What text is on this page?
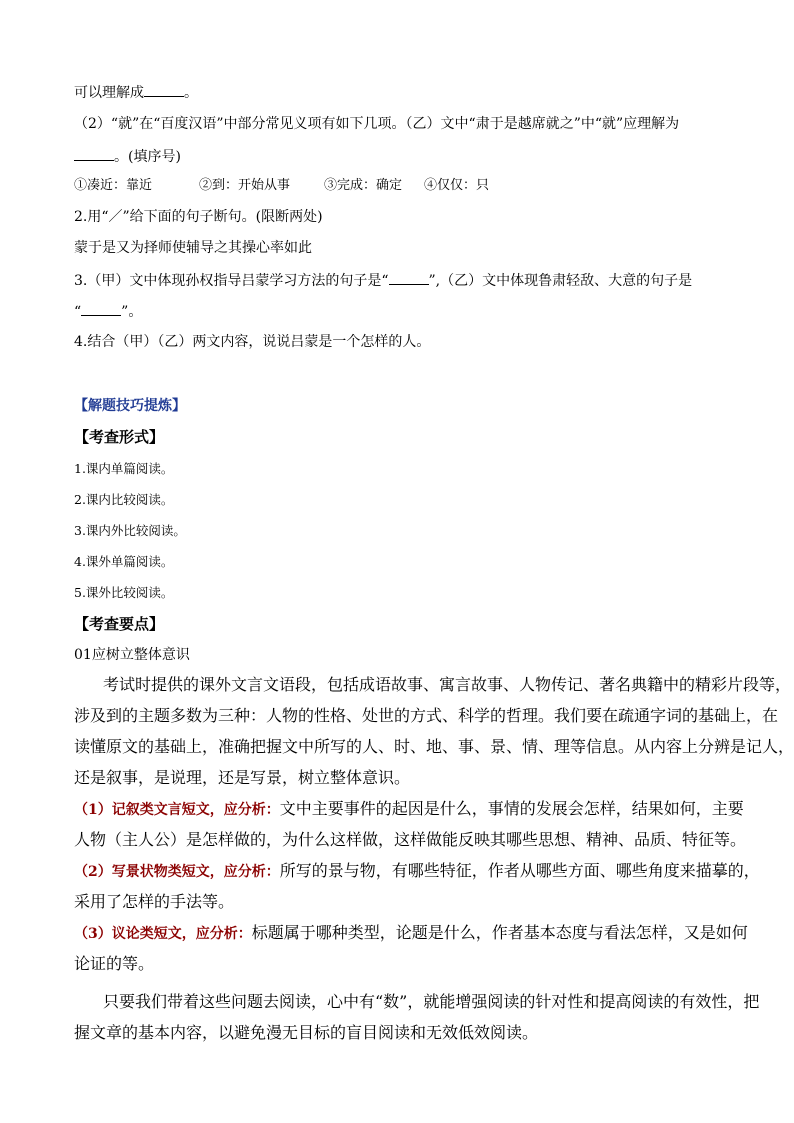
可以理解成	。
（2）“就”在“百度汉语”中部分常见义项有如下几项。（乙）文中“肃于是越席就之”中“就”应理解为
。(填序号)
①凑近：靠近	②到：开始从事	③完成：确定 ④仅仅：只
2.用“／”给下面的句子断句。(限断两处)
蒙于是又为择师使辅导之其操心率如此
3.（甲）文中体现孙权指导吕蒙学习方法的句子是“	”,（乙）文中体现鲁肃轻敌、大意的句子是
“	”。
4.结合（甲）（乙）两文内容，说说吕蒙是一个怎样的人。
【解题技巧提炼】
【考查形式】
1.课内单篇阅读。
2.课内比较阅读。
3.课内外比较阅读。
4.课外单篇阅读。
5.课外比较阅读。
【考查要点】
01应树立整体意识
考试时提供的课外文言文语段，包括成语故事、寓言故事、人物传记、著名典籍中的精彩片段等，
涉及到的主题多数为三种：人物的性格、处世的方式、科学的哲理。我们要在疏通字词的基础上，在
读懂原文的基础上，准确把握文中所写的人、时、地、事、景、情、理等信息。从内容上分辨是记人，
还是叙事，是说理，还是写景，树立整体意识。
（1）记叙类文言短文，应分析：文中主要事件的起因是什么，事情的发展会怎样，结果如何，主要
人物（主人公）是怎样做的，为什么这样做，这样做能反映其哪些思想、精神、品质、特征等。
（2）写景状物类短文，应分析：所写的景与物，有哪些特征，作者从哪些方面、哪些角度来描摹的，
采用了怎样的手法等。
（3）议论类短文，应分析：标题属于哪种类型，论题是什么，作者基本态度与看法怎样，又是如何
论证的等。
只要我们带着这些问题去阅读，心中有“数”，就能增强阅读的针对性和提高阅读的有效性，把
握文章的基本内容，以避免漫无目标的盲目阅读和无效低效阅读。
